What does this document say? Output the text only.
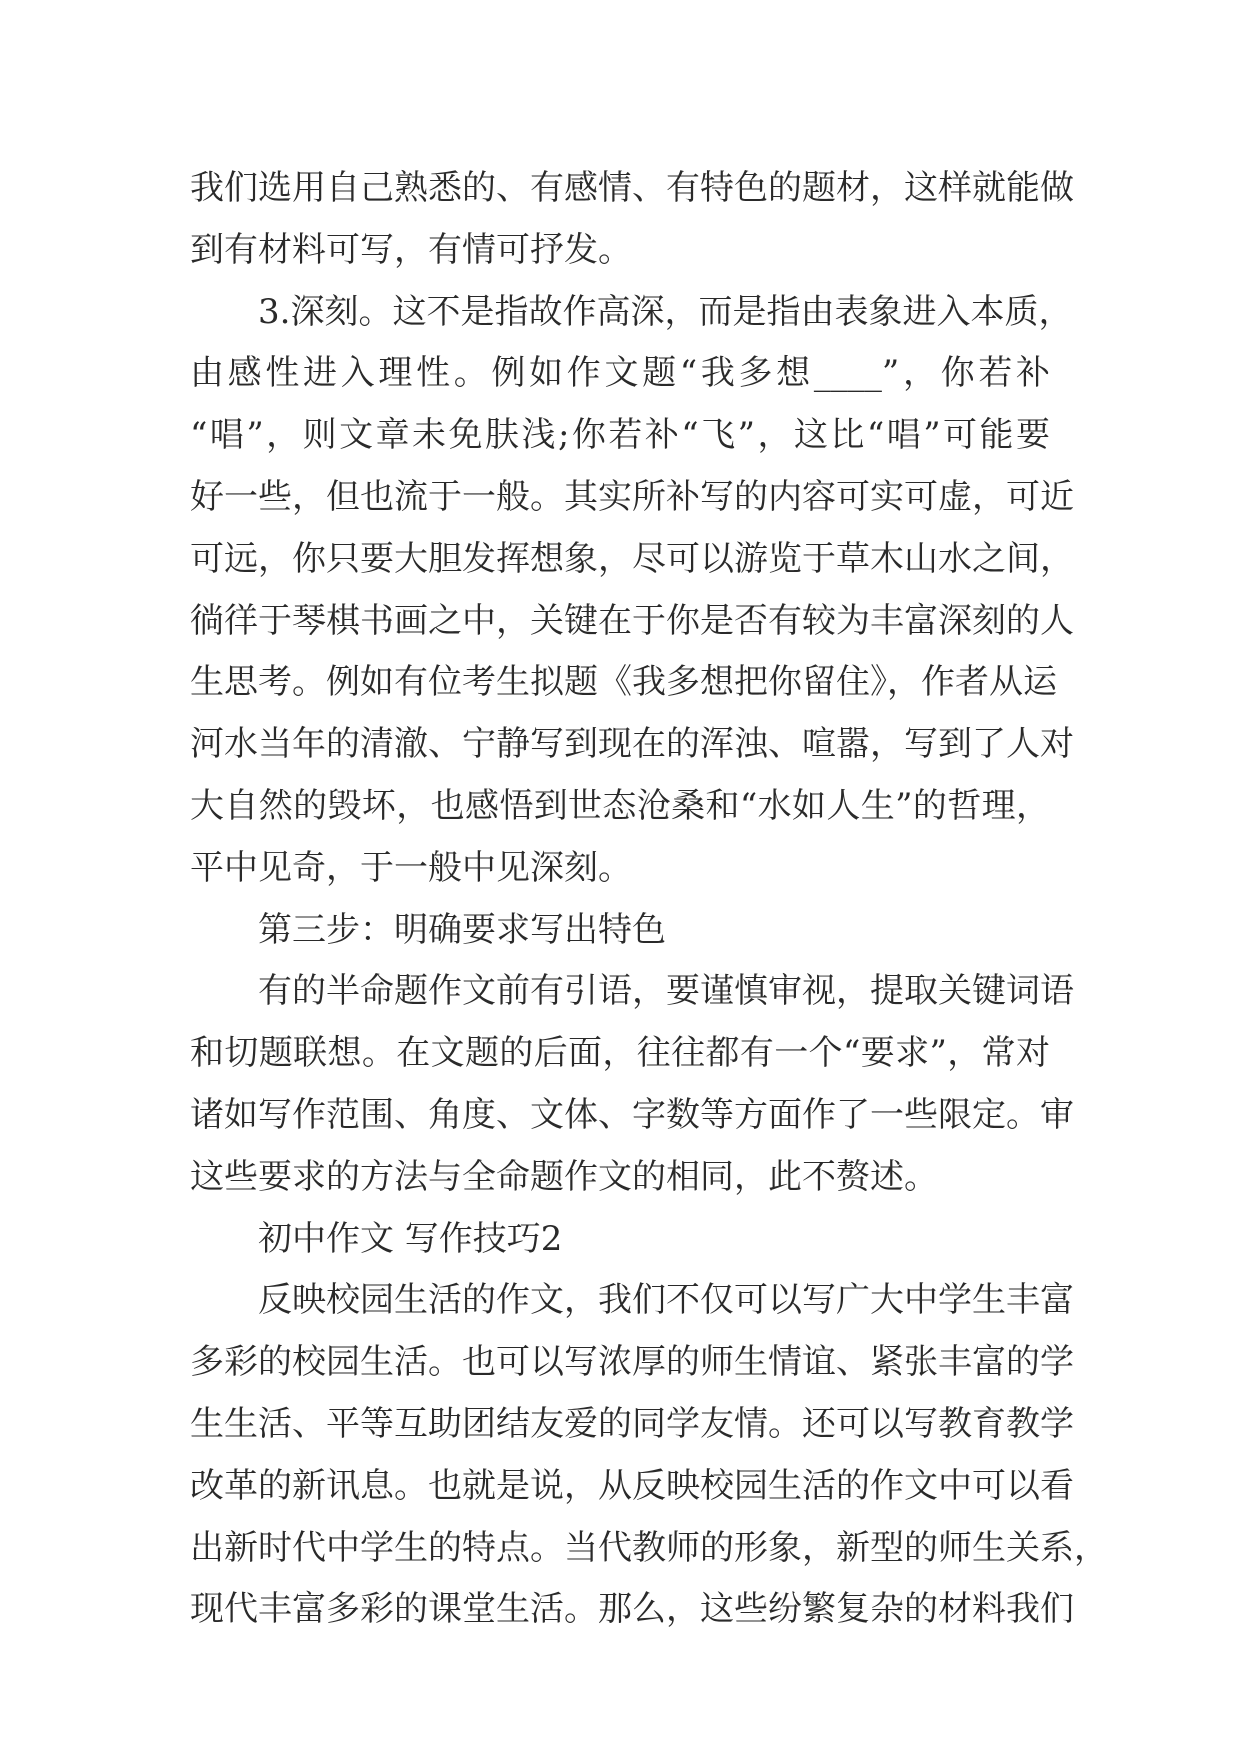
我们选用自己熟悉的、有感情、有特色的题材，这样就能做
到有材料可写，有情可抒发。
3.深刻。这不是指故作高深，而是指由表象进入本质，
由感性进入理性。例如作文题“我多想____”，你若补
“唱”，则文章未免肤浅;你若补“飞”，这比“唱”可能要
好一些，但也流于一般。其实所补写的内容可实可虚，可近
可远，你只要大胆发挥想象，尽可以游览于草木山水之间，
徜徉于琴棋书画之中，关键在于你是否有较为丰富深刻的人
生思考。例如有位考生拟题《我多想把你留住》，作者从运
河水当年的清澈、宁静写到现在的浑浊、喧嚣，写到了人对
大自然的毁坏，也感悟到世态沧桑和“水如人生”的哲理，
平中见奇，于一般中见深刻。
第三步：明确要求写出特色
有的半命题作文前有引语，要谨慎审视，提取关键词语
和切题联想。在文题的后面，往往都有一个“要求”，常对
诸如写作范围、角度、文体、字数等方面作了一些限定。审
这些要求的方法与全命题作文的相同，此不赘述。
初中作文 写作技巧2
反映校园生活的作文，我们不仅可以写广大中学生丰富
多彩的校园生活。也可以写浓厚的师生情谊、紧张丰富的学
生生活、平等互助团结友爱的同学友情。还可以写教育教学
改革的新讯息。也就是说，从反映校园生活的作文中可以看
出新时代中学生的特点。当代教师的形象，新型的师生关系，
现代丰富多彩的课堂生活。那么，这些纷繁复杂的材料我们
